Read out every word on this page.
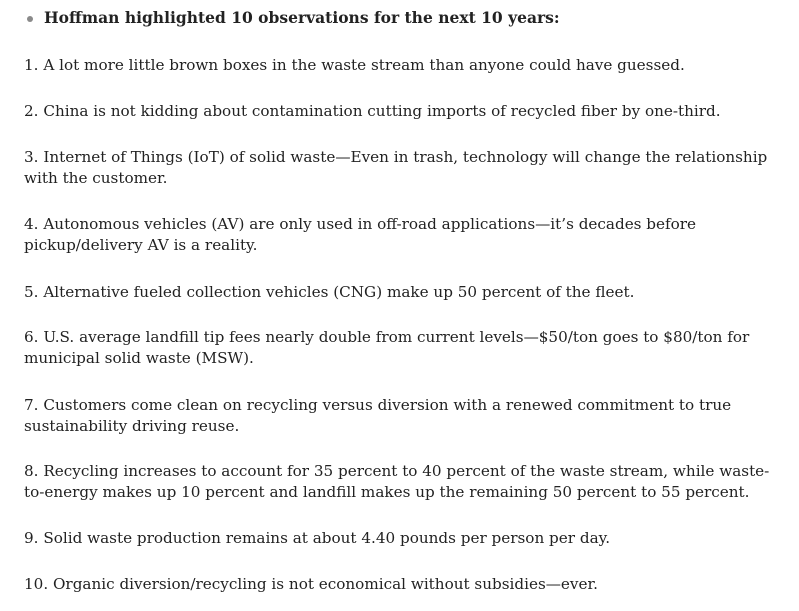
Hoffman highlighted 10 observations for the next 10 years:

1. A lot more little brown boxes in the waste stream than anyone could have guessed.

2. China is not kidding about contamination cutting imports of recycled fiber by one-third.

3. Internet of Things (IoT) of solid waste—Even in trash, technology will change the relationship with the customer.

4. Autonomous vehicles (AV) are only used in off-road applications—it’s decades before pickup/delivery AV is a reality.

5. Alternative fueled collection vehicles (CNG) make up 50 percent of the fleet.

6. U.S. average landfill tip fees nearly double from current levels—$50/ton goes to $80/ton for municipal solid waste (MSW).

7. Customers come clean on recycling versus diversion with a renewed commitment to true sustainability driving reuse.

8. Recycling increases to account for 35 percent to 40 percent of the waste stream, while waste-to-energy makes up 10 percent and landfill makes up the remaining 50 percent to 55 percent.

9. Solid waste production remains at about 4.40 pounds per person per day.

10. Organic diversion/recycling is not economical without subsidies—ever.
